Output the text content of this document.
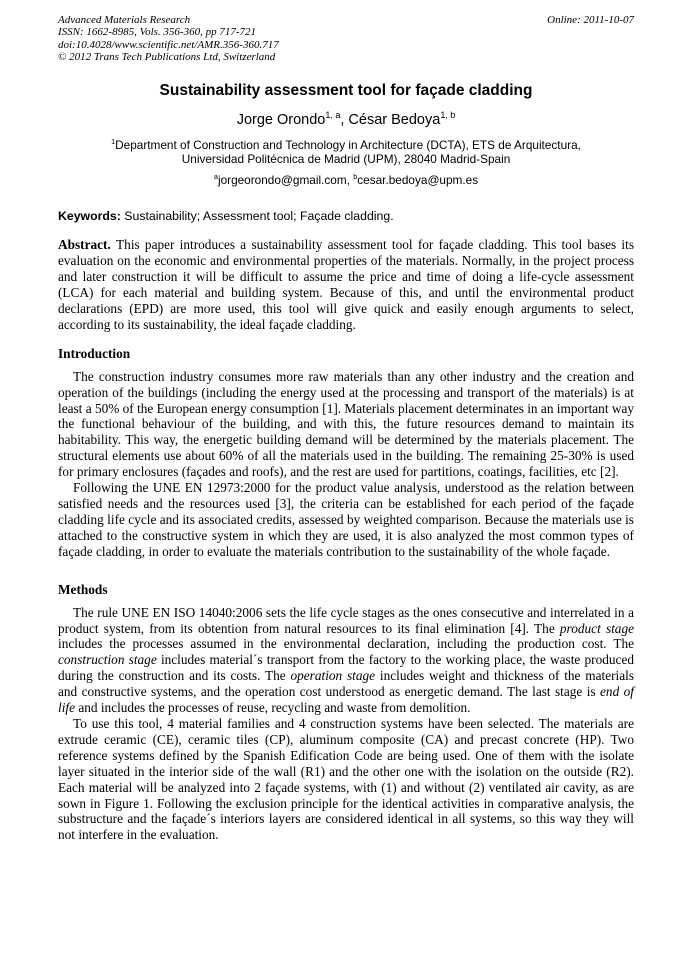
Advanced Materials Research
ISSN: 1662-8985, Vols. 356-360, pp 717-721
doi:10.4028/www.scientific.net/AMR.356-360.717
© 2012 Trans Tech Publications Ltd, Switzerland
Online: 2011-10-07
Sustainability assessment tool for façade cladding
Jorge Orondo$^{1, a}$, César Bedoya$^{1, b}$
$^1$Department of Construction and Technology in Architecture (DCTA), ETS de Arquitectura,
Universidad Politécnica de Madrid (UPM), 28040 Madrid-Spain
$^a$jorgeorondo@gmail.com, $^b$cesar.bedoya@upm.es
Keywords: Sustainability; Assessment tool; Façade cladding.

Abstract. This paper introduces a sustainability assessment tool for façade cladding. This tool bases its evaluation on the economic and environmental properties of the materials. Normally, in the project process and later construction it will be difficult to assume the price and time of doing a life-cycle assessment (LCA) for each material and building system. Because of this, and until the environmental product declarations (EPD) are more used, this tool will give quick and easily enough arguments to select, according to its sustainability, the ideal façade cladding.

Introduction

The construction industry consumes more raw materials than any other industry and the creation and operation of the buildings (including the energy used at the processing and transport of the materials) is at least a 50% of the European energy consumption [1]. Materials placement determinates in an important way the functional behaviour of the building, and with this, the future resources demand to maintain its habitability. This way, the energetic building demand will be determined by the materials placement. The structural elements use about 60% of all the materials used in the building. The remaining 25-30% is used for primary enclosures (façades and roofs), and the rest are used for partitions, coatings, facilities, etc [2].

Following the UNE EN 12973:2000 for the product value analysis, understood as the relation between satisfied needs and the resources used [3], the criteria can be established for each period of the façade cladding life cycle and its associated credits, assessed by weighted comparison. Because the materials use is attached to the constructive system in which they are used, it is also analyzed the most common types of façade cladding, in order to evaluate the materials contribution to the sustainability of the whole façade.

Methods

The rule UNE EN ISO 14040:2006 sets the life cycle stages as the ones consecutive and interrelated in a product system, from its obtention from natural resources to its final elimination [4]. The product stage includes the processes assumed in the environmental declaration, including the production cost. The construction stage includes material´s transport from the factory to the working place, the waste produced during the construction and its costs. The operation stage includes weight and thickness of the materials and constructive systems, and the operation cost understood as energetic demand. The last stage is end of life and includes the processes of reuse, recycling and waste from demolition.

To use this tool, 4 material families and 4 construction systems have been selected. The materials are extrude ceramic (CE), ceramic tiles (CP), aluminum composite (CA) and precast concrete (HP). Two reference systems defined by the Spanish Edification Code are being used. One of them with the isolate layer situated in the interior side of the wall (R1) and the other one with the isolation on the outside (R2). Each material will be analyzed into 2 façade systems, with (1) and without (2) ventilated air cavity, as are sown in Figure 1. Following the exclusion principle for the identical activities in comparative analysis, the substructure and the façade´s interiors layers are considered identical in all systems, so this way they will not interfere in the evaluation.
